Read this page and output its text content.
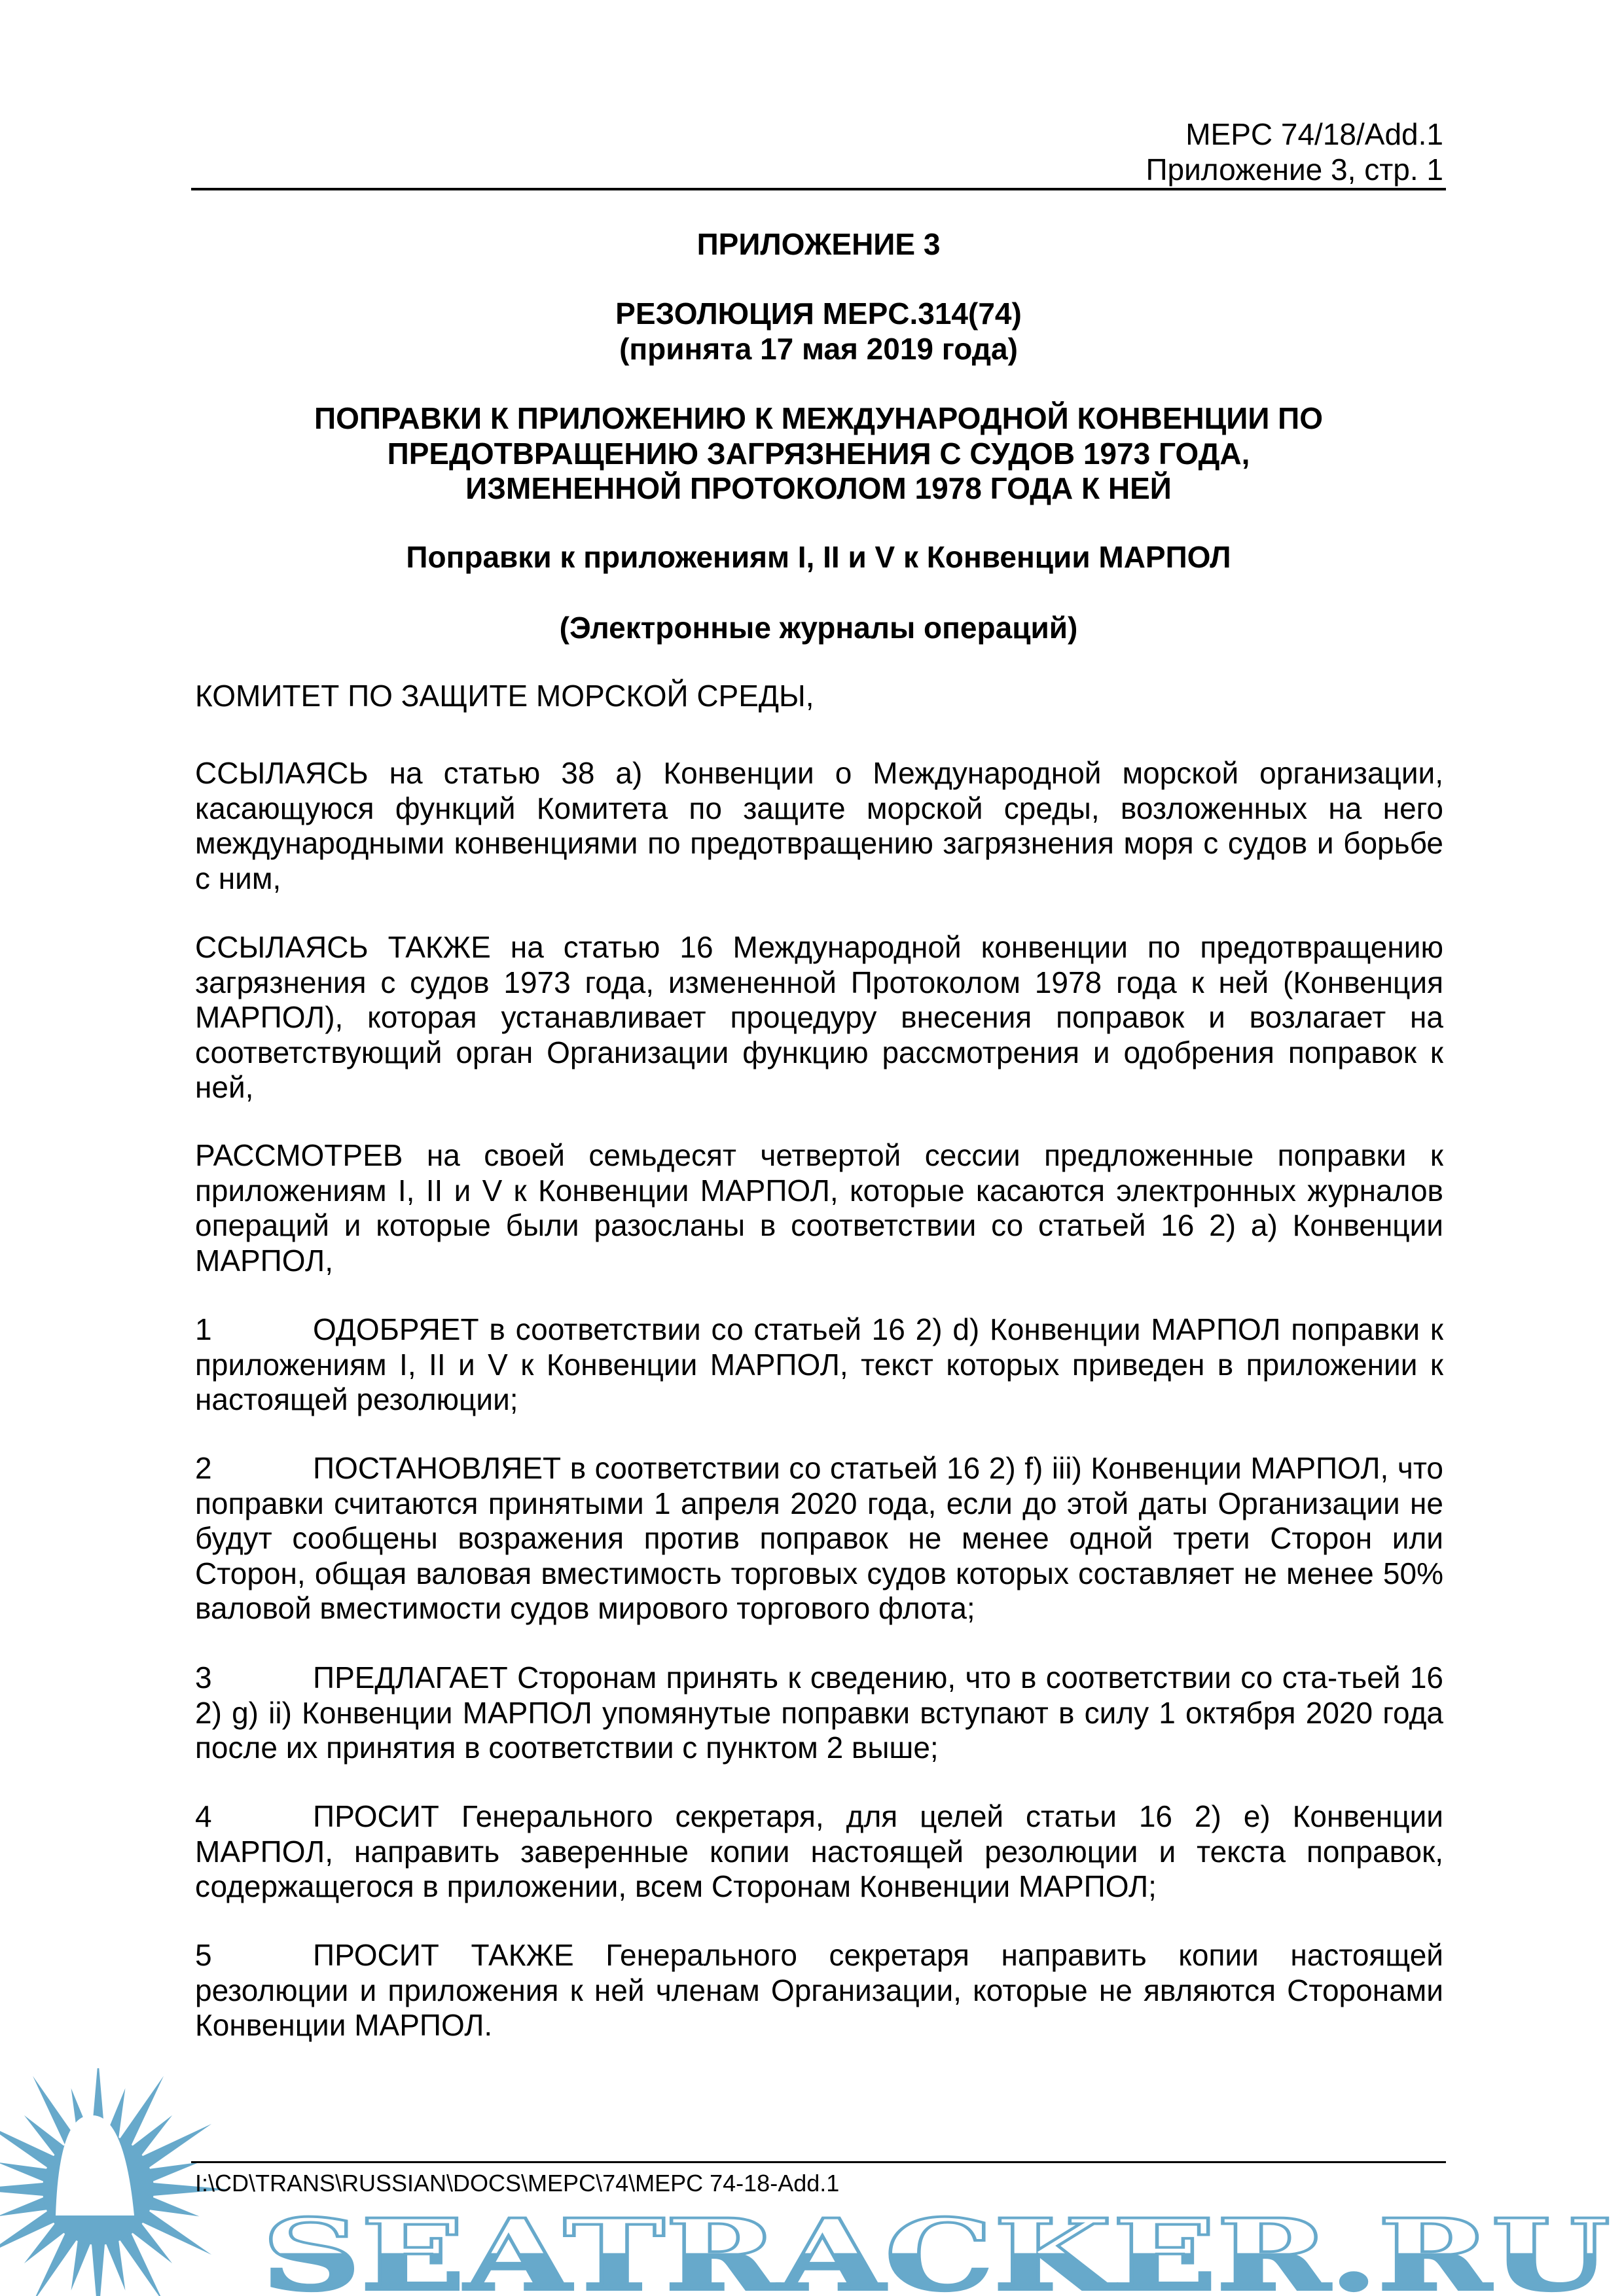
MEPC 74/18/Add.1
Приложение 3, стр. 1
ПРИЛОЖЕНИЕ 3
РЕЗОЛЮЦИЯ MEPC.314(74)
(принята 17 мая 2019 года)
ПОПРАВКИ К ПРИЛОЖЕНИЮ К МЕЖДУНАРОДНОЙ КОНВЕНЦИИ ПО
ПРЕДОТВРАЩЕНИЮ ЗАГРЯЗНЕНИЯ С СУДОВ 1973 ГОДА,
ИЗМЕНЕННОЙ ПРОТОКОЛОМ 1978 ГОДА К НЕЙ
Поправки к приложениям I, II и V к Конвенции МАРПОЛ
(Электронные журналы операций)
КОМИТЕТ ПО ЗАЩИТЕ МОРСКОЙ СРЕДЫ,
ССЫЛАЯСЬ на статью 38 a) Конвенции о Международной морской организации, касающуюся функций Комитета по защите морской среды, возложенных на него международными конвенциями по предотвращению загрязнения моря с судов и борьбе с ним,
ССЫЛАЯСЬ ТАКЖЕ на статью 16 Международной конвенции по предотвращению загрязнения с судов 1973 года, измененной Протоколом 1978 года к ней (Конвенция МАРПОЛ), которая устанавливает процедуру внесения поправок и возлагает на соответствующий орган Организации функцию рассмотрения и одобрения поправок к ней,
РАССМОТРЕВ на своей семьдесят четвертой сессии предложенные поправки к приложениям I, II и V к Конвенции МАРПОЛ, которые касаются электронных журналов операций и которые были разосланы в соответствии со статьей 16 2) a) Конвенции МАРПОЛ,
1	ОДОБРЯЕТ в соответствии со статьей 16 2) d) Конвенции МАРПОЛ поправки к приложениям I, II и V к Конвенции МАРПОЛ, текст которых приведен в приложении к настоящей резолюции;
2	ПОСТАНОВЛЯЕТ в соответствии со статьей 16 2) f) iii) Конвенции МАРПОЛ, что поправки считаются принятыми 1 апреля 2020 года, если до этой даты Организации не будут сообщены возражения против поправок не менее одной трети Сторон или Сторон, общая валовая вместимость торговых судов которых составляет не менее 50% валовой вместимости судов мирового торгового флота;
3	ПРЕДЛАГАЕТ Сторонам принять к сведению, что в соответствии со ста-тьей 16 2) g) ii) Конвенции МАРПОЛ упомянутые поправки вступают в силу 1 октября 2020 года после их принятия в соответствии с пунктом 2 выше;
4	ПРОСИТ Генерального секретаря, для целей статьи 16 2) e) Конвенции МАРПОЛ, направить заверенные копии настоящей резолюции и текста поправок, содержащегося в приложении, всем Сторонам Конвенции МАРПОЛ;
5	ПРОСИТ ТАКЖЕ Генерального секретаря направить копии настоящей резолюции и приложения к ней членам Организации, которые не являются Сторонами Конвенции МАРПОЛ.
SEATRACKER.RU
I:\CD\TRANS\RUSSIAN\DOCS\MEPC\74\MEPC 74-18-Add.1
